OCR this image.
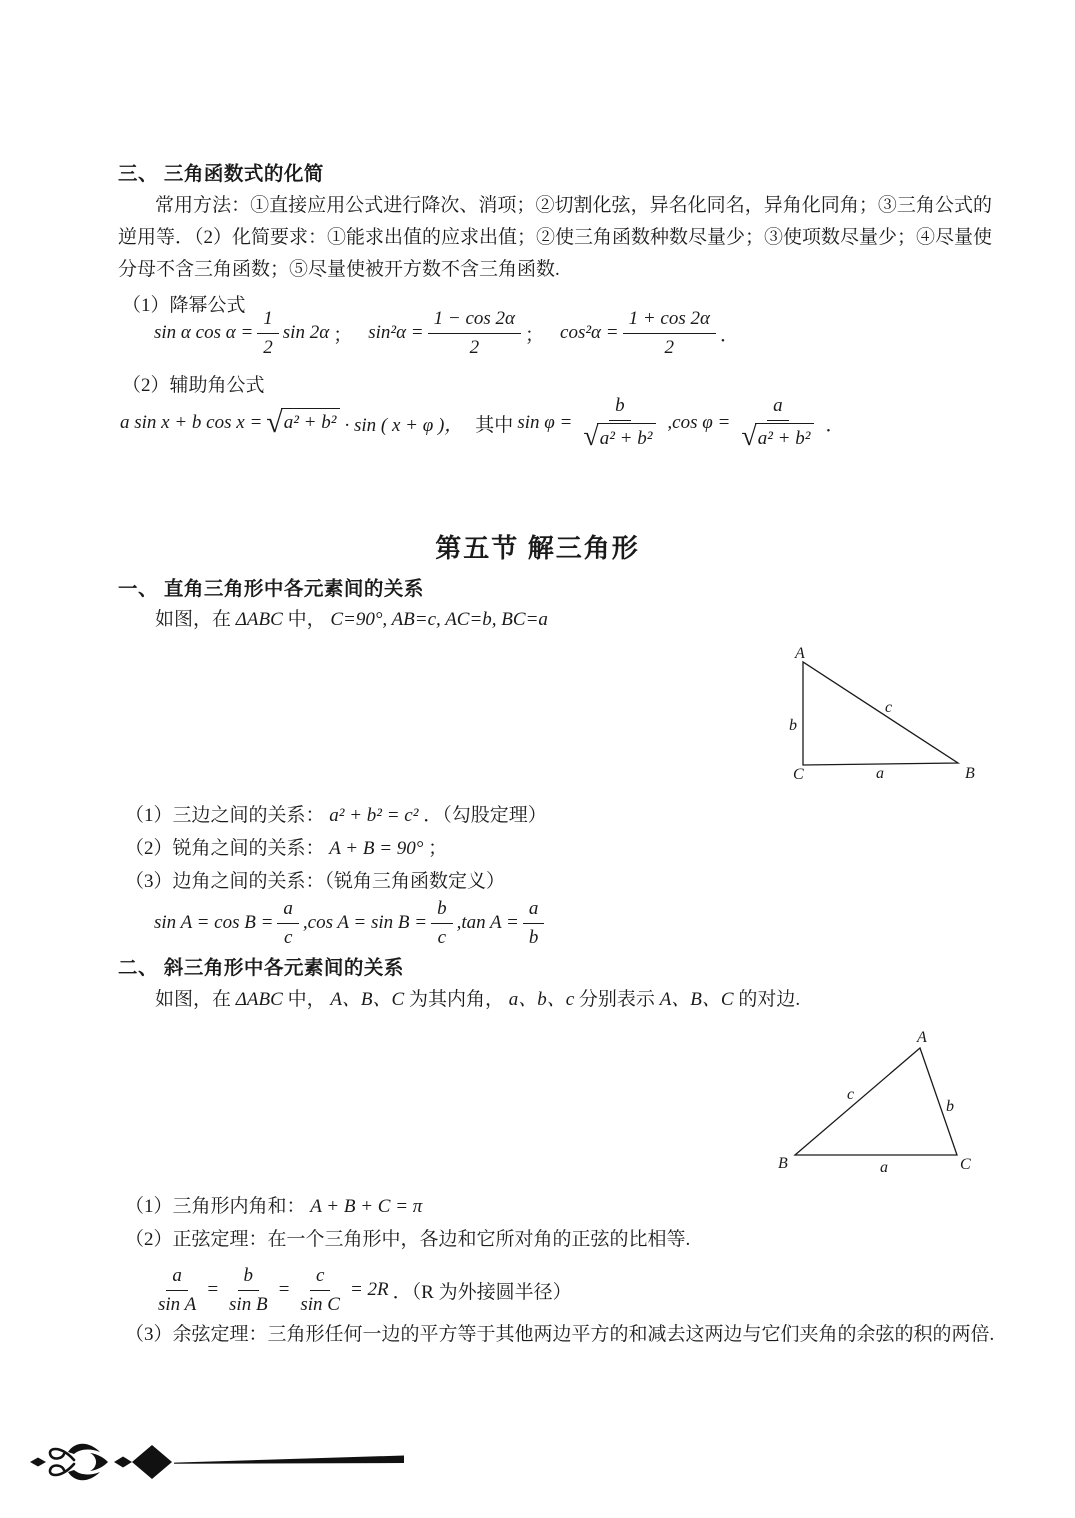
三、 三角函数式的化简
常用方法：①直接应用公式进行降次、消项；②切割化弦，异名化同名，异角化同角；③三角公式的
逆用等．（2）化简要求：①能求出值的应求出值；②使三角函数种数尽量少；③使项数尽量少；④尽量使
分母不含三角函数；⑤尽量使被开方数不含三角函数.
（1）降幂公式
sin α $\cos \alpha = \frac{1}{2}$ sin 2α ； $\sin^2\alpha = \frac{1 - \cos 2\alpha}{2}$ ； $\cos^2\alpha = \frac{1 + \cos 2\alpha}{2}$ ．
（2）辅助角公式
a sin x + b cos x = √ a² + b² · sin ( x + φ )， 其中 $\sin \varphi = \frac{b}{\text{√ a² + b²}} ,\cos$ $\varphi = \frac{a}{\text{√ a² + b²}}$ ．
第五节 解三角形
一、 直角三角形中各元素间的关系
如图，在 ΔABC 中， C=90°, AB=c, AC=b, BC=a
A
C	B
b
c
a
（1）三边之间的关系： a² + b² = c² ．（勾股定理）
（2）锐角之间的关系： A + B = 90° ；
（3）边角之间的关系：（锐角三角函数定义）
$\sin A = \cos B = \frac{a}{c} ,\cos$ $A = \sin B = \frac{b}{c} ,\tan$ $A = \frac{a}{b}$
二、 斜三角形中各元素间的关系
如图，在 ΔABC 中， A、B、C 为其内角， a、b、c 分别表示 A、B、C 的对边.
A
B	C
c
b
a
（1）三角形内角和： A + B + C = π
（2）正弦定理：在一个三角形中，各边和它所对角的正弦的比相等.
$\frac{a}{\text{sin A}} = \frac{b}{\text{sin B}} = \frac{c}{\text{sin C}} = 2R$ ．（R 为外接圆半径）
（3）余弦定理：三角形任何一边的平方等于其他两边平方的和减去这两边与它们夹角的余弦的积的两倍.
